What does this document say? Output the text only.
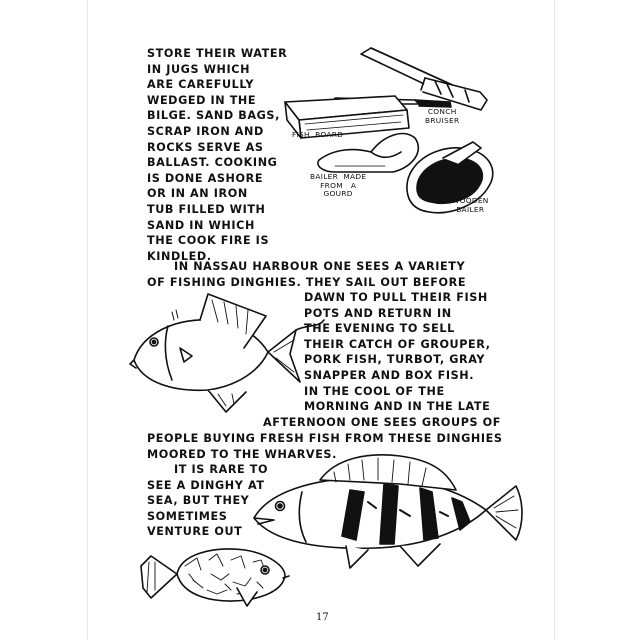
STORE THEIR WATER
IN JUGS WHICH
ARE CAREFULLY
WEDGED IN THE
BILGE. SAND BAGS,
SCRAP IRON AND
ROCKS SERVE AS
BALLAST. COOKING
IS DONE ASHORE
OR IN AN IRON
TUB FILLED WITH
SAND IN WHICH
THE COOK FIRE IS
KINDLED.
IN NASSAU HARBOUR ONE SEES A VARIETY
OF FISHING DINGHIES. THEY SAIL OUT BEFORE
DAWN TO PULL THEIR FISH
POTS AND RETURN IN
THE EVENING TO SELL
THEIR CATCH OF GROUPER,
PORK FISH, TURBOT, GRAY
SNAPPER AND BOX FISH.
IN THE COOL OF THE
MORNING AND IN THE LATE
AFTERNOON ONE SEES GROUPS OF
PEOPLE BUYING FRESH FISH FROM THESE DINGHIES
MOORED TO THE WHARVES.
IT IS RARE TO
SEE A DINGHY AT
SEA, BUT THEY
SOMETIMES
VENTURE OUT
CONCH
BRUISER
FISH  BOARD
BAILER  MADE
FROM   A
GOURD
WOODEN
BAILER
17
